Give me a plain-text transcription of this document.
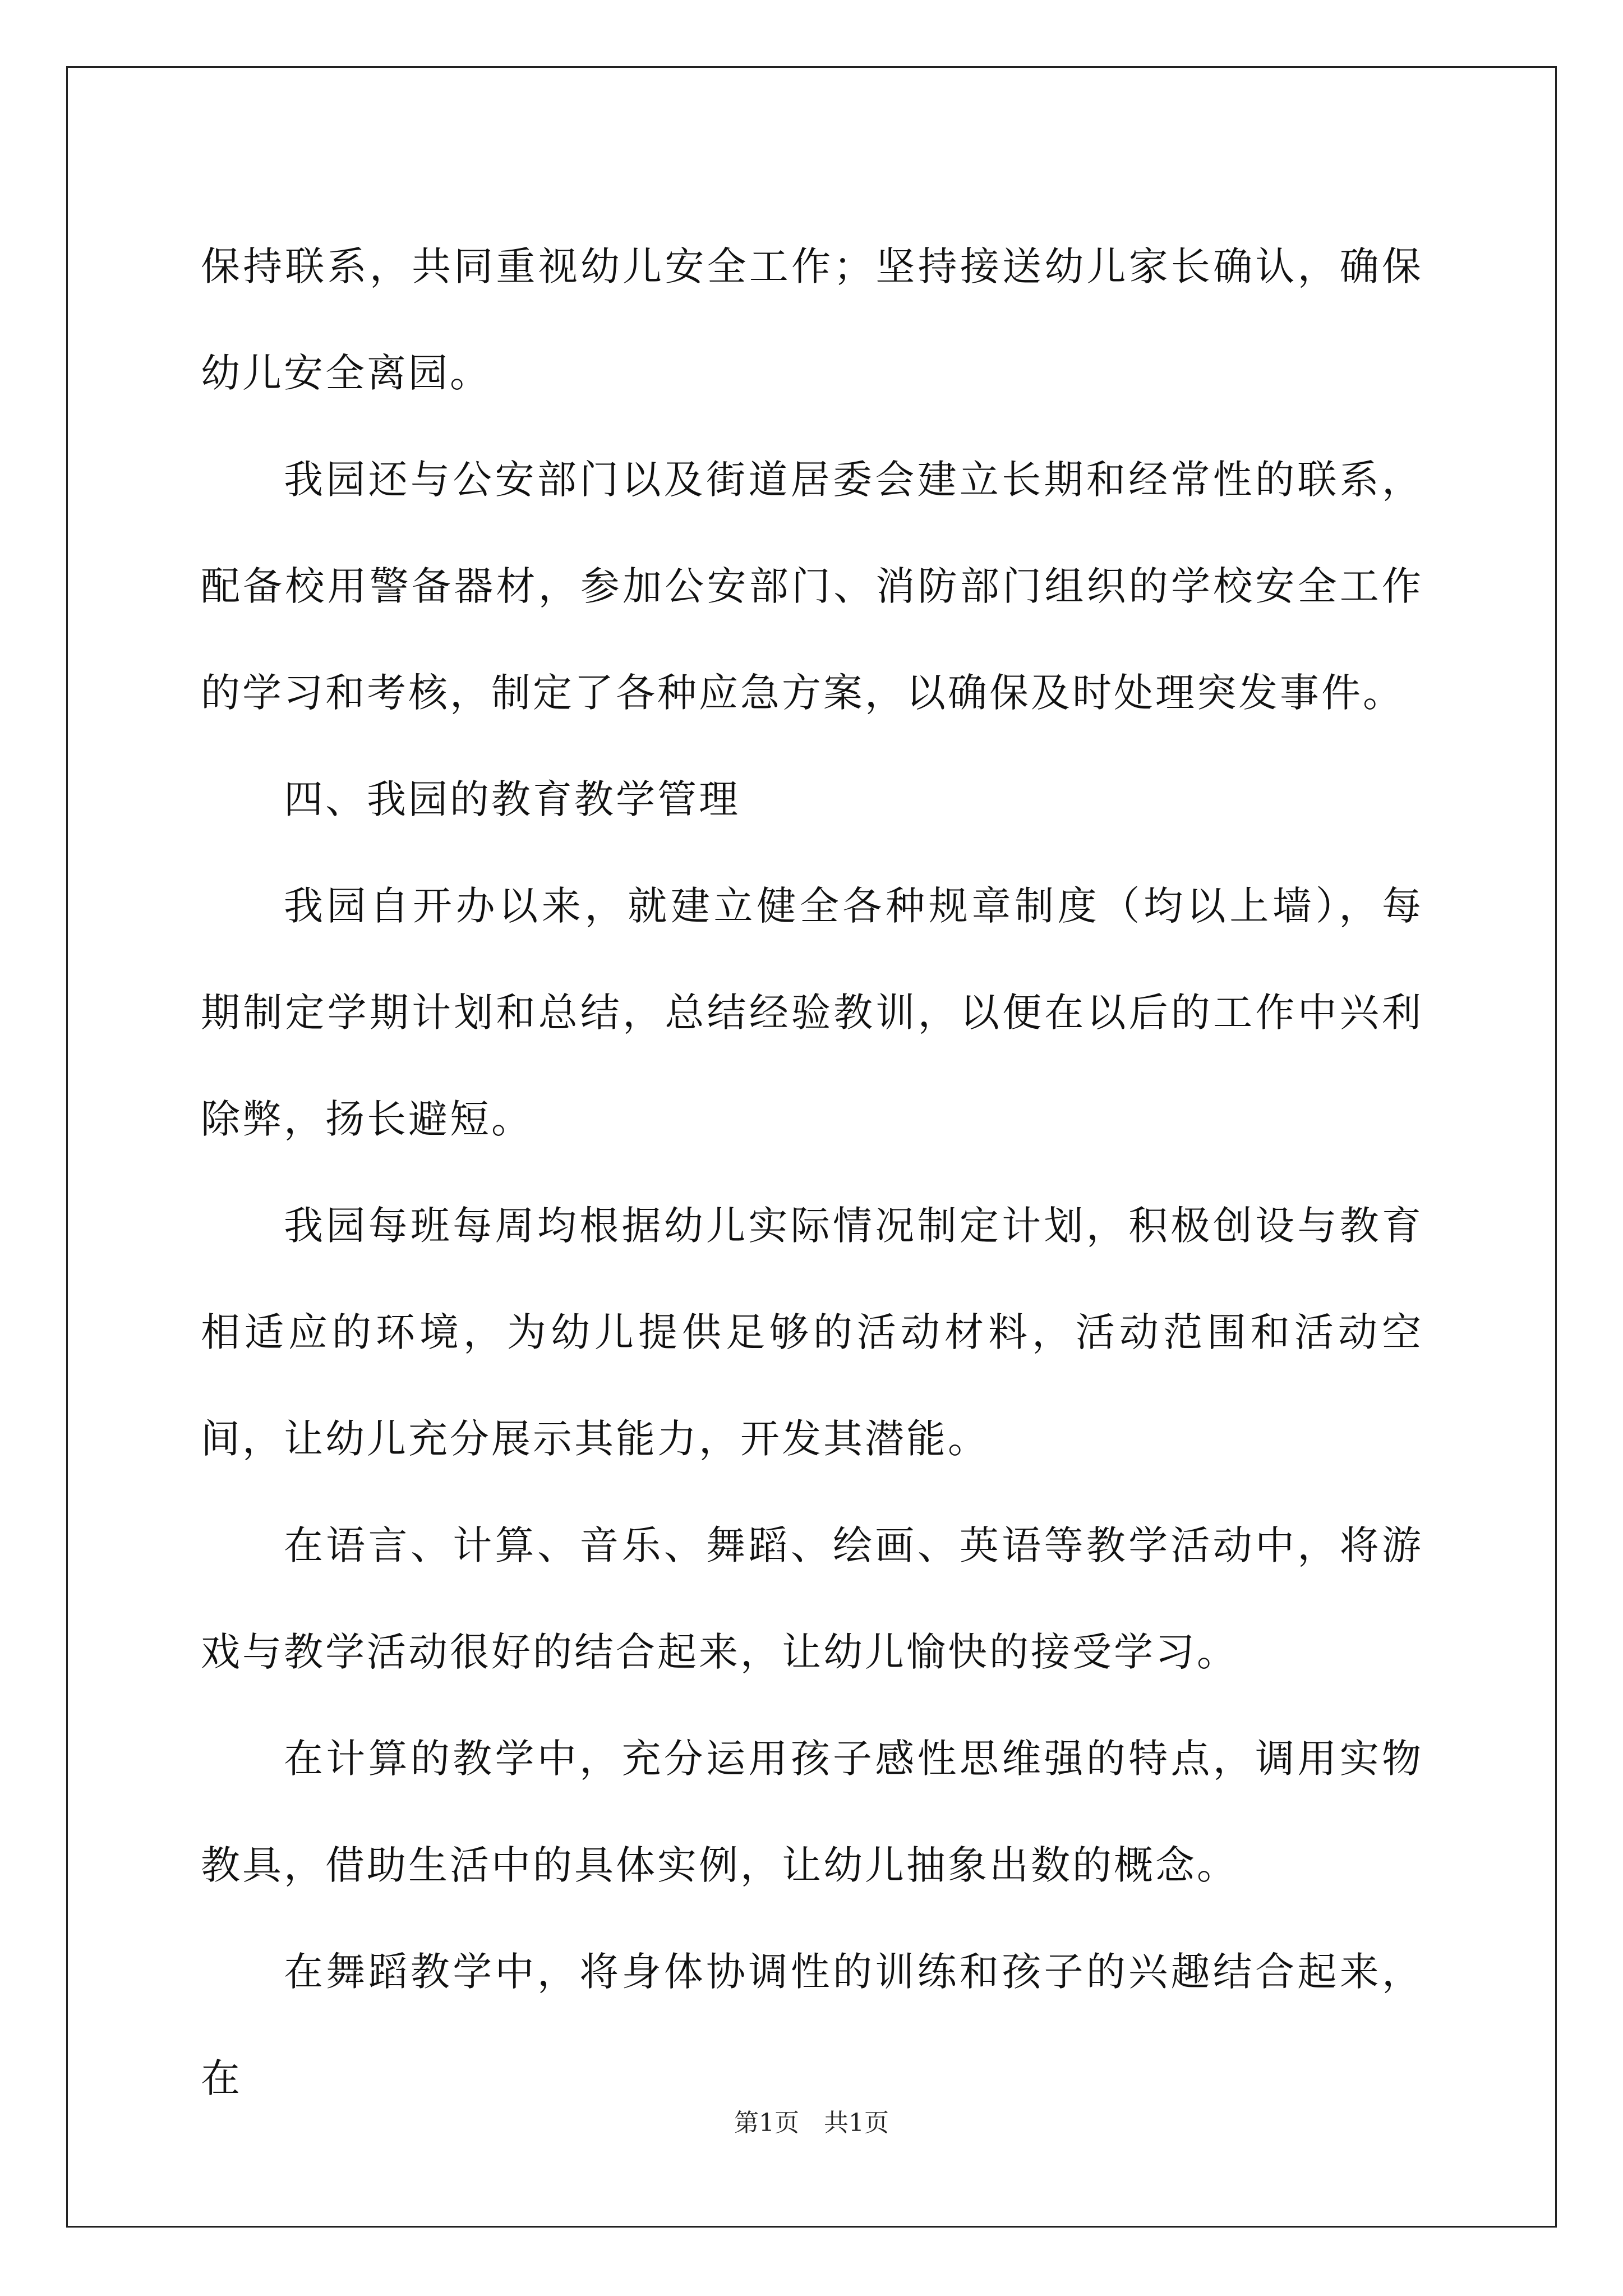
保持联系，共同重视幼儿安全工作；坚持接送幼儿家长确认，确保幼儿安全离园。

我园还与公安部门以及街道居委会建立长期和经常性的联系，配备校用警备器材，参加公安部门、消防部门组织的学校安全工作的学习和考核，制定了各种应急方案，以确保及时处理突发事件。

四、我园的教育教学管理

我园自开办以来，就建立健全各种规章制度（均以上墙），每期制定学期计划和总结，总结经验教训，以便在以后的工作中兴利除弊，扬长避短。

我园每班每周均根据幼儿实际情况制定计划，积极创设与教育相适应的环境，为幼儿提供足够的活动材料，活动范围和活动空间，让幼儿充分展示其能力，开发其潜能。

在语言、计算、音乐、舞蹈、绘画、英语等教学活动中，将游戏与教学活动很好的结合起来，让幼儿愉快的接受学习。

在计算的教学中，充分运用孩子感性思维强的特点，调用实物教具，借助生活中的具体实例，让幼儿抽象出数的概念。

在舞蹈教学中，将身体协调性的训练和孩子的兴趣结合起来，在

第1页　共1页
